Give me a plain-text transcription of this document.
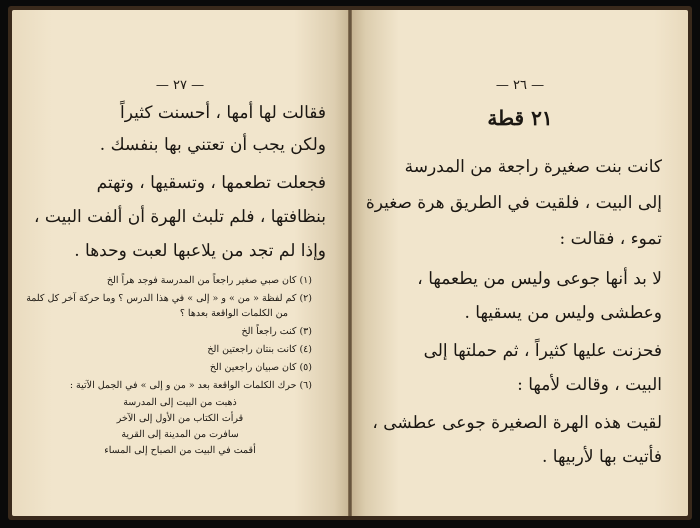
— ٢٧ —
فقالت لها أمها ، أحسنت كثيراً
ولكن يجب أن تعتني بها بنفسك .
فجعلت تطعمها ، وتسقيها ، وتهتم
بنظافتها ، فلم تلبث الهرة أن ألفت البيت ،
وإذا لم تجد من يلاعبها لعبت وحدها .
(١) كان صبي صغير راجعاً من المدرسة فوجد هراً الخ
(٢) كم لفظة « من » و « إلى » في هذا الدرس ؟ وما حركة آخر كل كلمة
من الكلمات الواقعة بعدها ؟
(٣) كنت راجعاً الخ
(٤) كانت بنتان راجعتين الخ
(٥) كان صبيان راجعين الخ
(٦) حرك الكلمات الواقعة بعد « من و إلى » في الجمل الآتية :
ذهبت من البيت إلى المدرسة
قرأت الكتاب من الأول إلى الآخر
سافرت من المدينة إلى القرية
أقمت في البيت من الصباح إلى المساء
— ٢٦ —
٢١ قطة
كانت بنت صغيرة راجعة من المدرسة
إلى البيت ، فلقيت في الطريق هرة صغيرة
تموء ، فقالت :
لا بد أنها جوعى وليس من يطعمها ،
وعطشى وليس من يسقيها .
فحزنت عليها كثيراً ، ثم حملتها إلى
البيت ، وقالت لأمها :
لقيت هذه الهرة الصغيرة جوعى عطشى ،
فأتيت بها لأربيها .
